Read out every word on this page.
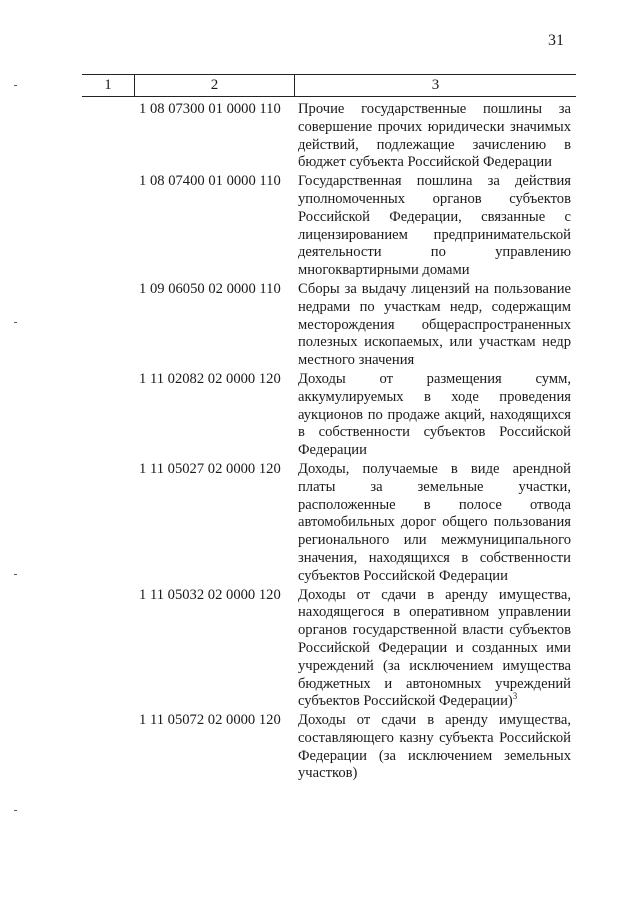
31
1	2	3
1 08 07300 01 0000 110	Прочие государственные пошлины за совершение прочих юридически значимых действий, подлежащие зачислению в бюджет субъекта Российской Федерации
1 08 07400 01 0000 110	Государственная пошлина за действия уполномоченных органов субъектов Российской Федерации, связанные с лицензированием предпринимательской деятельности по управлению многоквартирными домами
1 09 06050 02 0000 110	Сборы за выдачу лицензий на пользование недрами по участкам недр, содержащим месторождения общераспространенных полезных ископаемых, или участкам недр местного значения
1 11 02082 02 0000 120	Доходы от размещения сумм, аккумулируемых в ходе проведения аукционов по продаже акций, находящихся в собственности субъектов Российской Федерации
1 11 05027 02 0000 120	Доходы, получаемые в виде арендной платы за земельные участки, расположенные в полосе отвода автомобильных дорог общего пользования регионального или межмуниципального значения, находящихся в собственности субъектов Российской Федерации
1 11 05032 02 0000 120	Доходы от сдачи в аренду имущества, находящегося в оперативном управлении органов государственной власти субъектов Российской Федерации и созданных ими учреждений (за исключением имущества бюджетных и автономных учреждений субъектов Российской Федерации)$^3$
1 11 05072 02 0000 120	Доходы от сдачи в аренду имущества, составляющего казну субъекта Российской Федерации (за исключением земельных участков)
